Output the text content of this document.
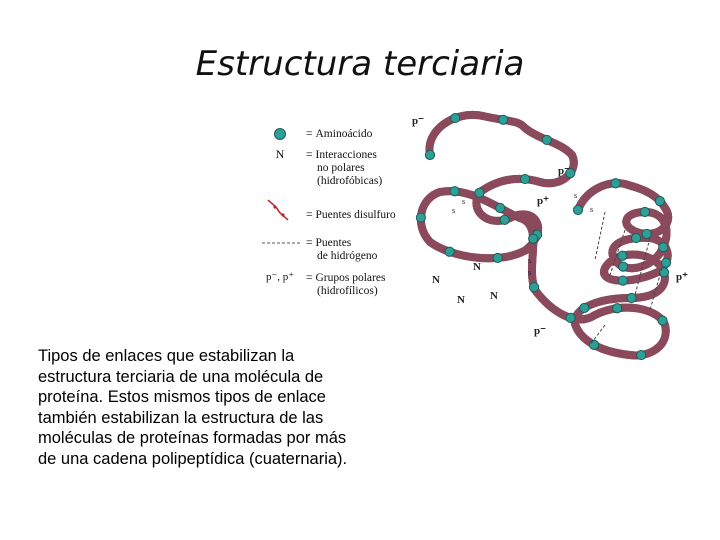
Estructura terciaria
N
p⁻, p⁺
= Aminoácido
= Interacciones
no polares
(hidrofóbicas)
= Puentes disulfuro
= Puentes
de hidrógeno
= Grupos polares
(hidrofílicos)
s
s
s
s
s
s
p⁻
p⁻
p⁺
p⁺
p⁻
N
N
N N
Tipos de enlaces que estabilizan la estructura terciaria de una molécula de proteína. Estos mismos tipos de enlace también estabilizan la estructura de las moléculas de proteínas formadas por más de una cadena polipeptídica (cuaternaria).
